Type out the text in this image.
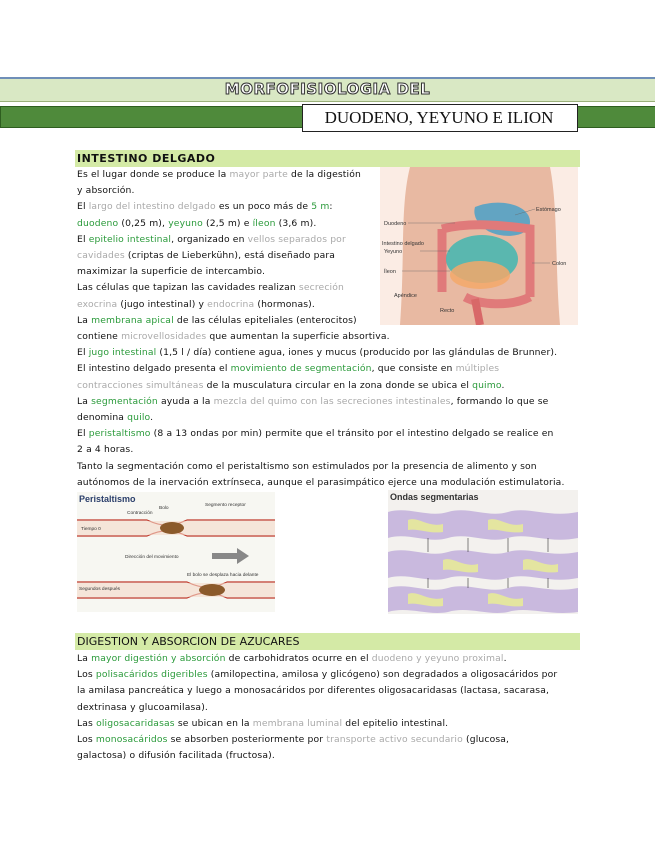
MORFOFISIOLOGIA DEL
DUODENO, YEYUNO E ILION
INTESTINO DELGADO
Es el lugar donde se produce la mayor parte de la digestión
y absorción.
El largo del intestino delgado es un poco más de 5 m:
duodeno (0,25 m), yeyuno (2,5 m) e íleon (3,6 m).
El epitelio intestinal, organizado en vellos separados por
cavidades (criptas de Lieberkühn), está diseñado para
maximizar la superficie de intercambio.
Las células que tapizan las cavidades realizan secreción
exocrina (jugo intestinal) y endocrina (hormonas).
La membrana apical de las células epiteliales (enterocitos)
contiene microvellosidades que aumentan la superficie absortiva.
El jugo intestinal (1,5 l / día) contiene agua, iones y mucus (producido por las glándulas de Brunner).
El intestino delgado presenta el movimiento de segmentación, que consiste en múltiples
contracciones simultáneas de la musculatura circular en la zona donde se ubica el quimo.
La segmentación ayuda a la mezcla del quimo con las secreciones intestinales, formando lo que se
denomina quilo.
El peristaltismo (8 a 13 ondas por min) permite que el tránsito por el intestino delgado se realice en
2 a 4 horas.
Tanto la segmentación como el peristaltismo son estimulados por la presencia de alimento y son
autónomos de la inervación extrínseca, aunque el parasimpático ejerce una modulación estimulatoria.
Duodeno
Intestino delgado
Yeyuno
Íleon
Apéndice
Estómago
Colon
Recto
Peristaltismo
Contracción
Bolo
Segmento receptor
Tiempo 0
Dirección del movimiento
El bolo se desplaza hacia delante
Segundos después
Ondas segmentarias
DIGESTION Y ABSORCION DE AZUCARES
La mayor digestión y absorción de carbohidratos ocurre en el duodeno y yeyuno proximal.
Los polisacáridos digeribles (amilopectina, amilosa y glicógeno) son degradados a oligosacáridos por
la amilasa pancreática y luego a monosacáridos por diferentes oligosacaridasas (lactasa, sacarasa,
dextrinasa y glucoamilasa).
Las oligosacaridasas se ubican en la membrana luminal del epitelio intestinal.
Los monosacáridos se absorben posteriormente por transporte activo secundario (glucosa,
galactosa) o difusión facilitada (fructosa).
